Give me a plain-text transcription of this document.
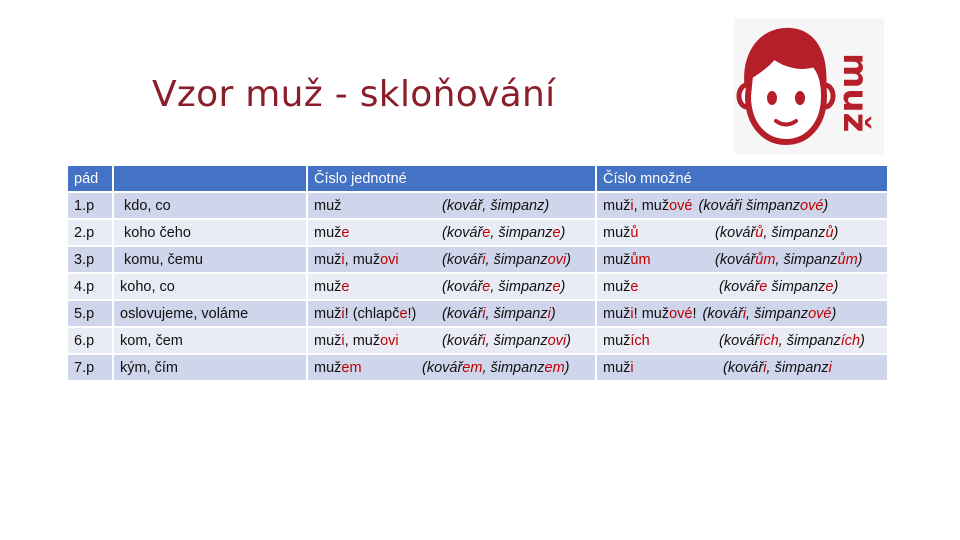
Vzor muž - skloňování	muž
pád		Číslo jednotné	Číslo množné
1.p	kdo, co	muž (kovář, šimpanz)	muži, mužové (kováři šimpanzové)
2.p	koho čeho	muže (kováře, šimpanze)	mužů (kovářů, šimpanzů)
3.p	komu, čemu	muži, mužovi (kováři, šimpanzovi)	mužům (kovářům, šimpanzům)
4.p	koho, co	muže (kováře, šimpanze)	muže (kováře šimpanze)
5.p	oslovujeme, voláme	muži! (chlapče!) (kováři, šimpanzi)	muži! mužové! (kováři, šimpanzové)
6.p	kom, čem	muži, mužovi (kováři, šimpanzovi)	mužích (kovářích, šimpanzích)
7.p	kým, čím	mužem (kovářem, šimpanzem)	muži (kováři, šimpanzi
